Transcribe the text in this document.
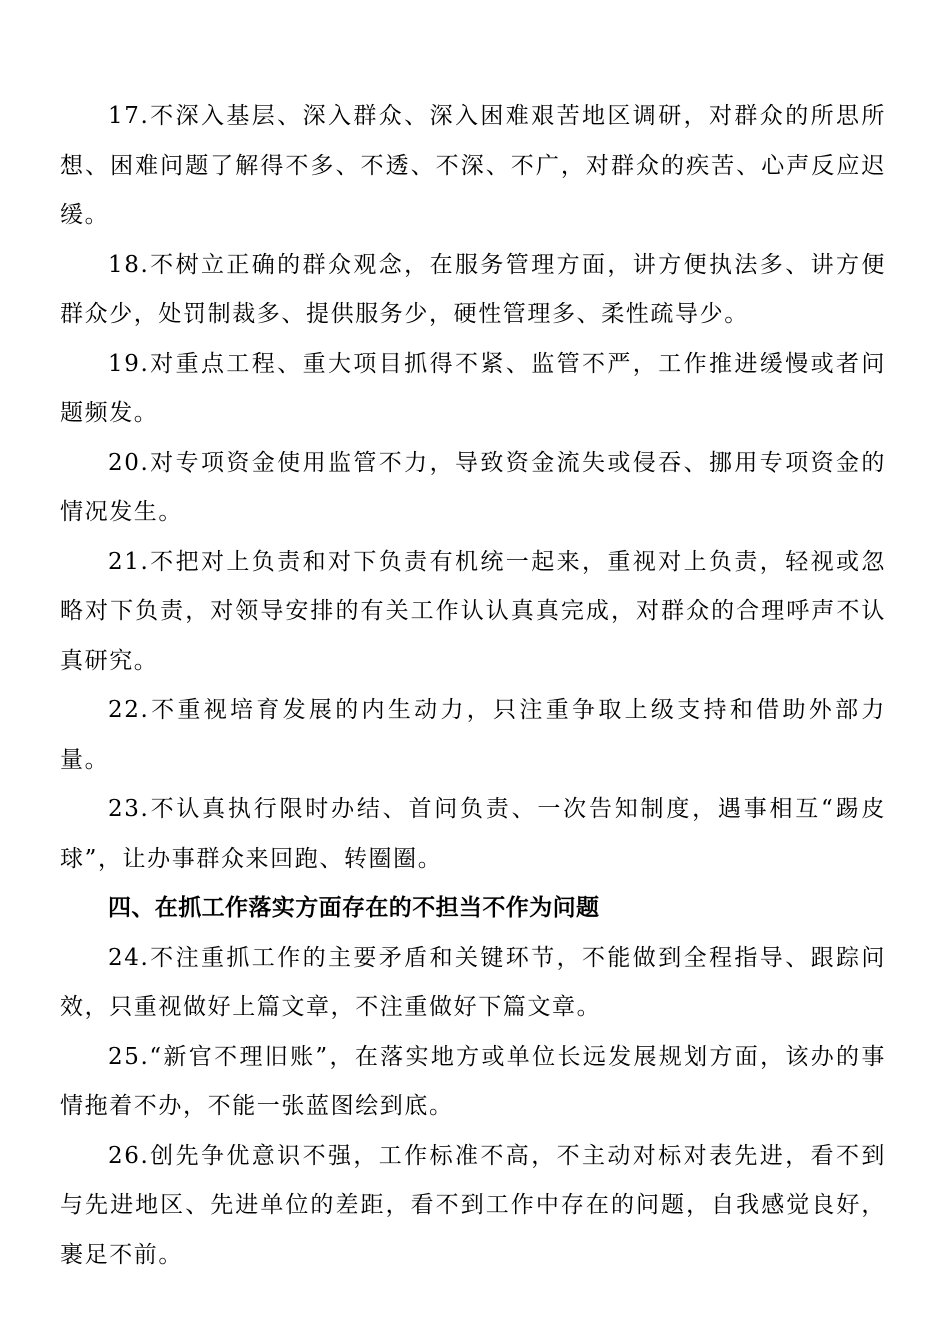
17.不深入基层、深入群众、深入困难艰苦地区调研，对群众的所思所想、困难问题了解得不多、不透、不深、不广，对群众的疾苦、心声反应迟缓。

18.不树立正确的群众观念，在服务管理方面，讲方便执法多、讲方便群众少，处罚制裁多、提供服务少，硬性管理多、柔性疏导少。

19.对重点工程、重大项目抓得不紧、监管不严，工作推进缓慢或者问题频发。

20.对专项资金使用监管不力，导致资金流失或侵吞、挪用专项资金的情况发生。

21.不把对上负责和对下负责有机统一起来，重视对上负责，轻视或忽略对下负责，对领导安排的有关工作认认真真完成，对群众的合理呼声不认真研究。

22.不重视培育发展的内生动力，只注重争取上级支持和借助外部力量。

23.不认真执行限时办结、首问负责、一次告知制度，遇事相互“踢皮球”，让办事群众来回跑、转圈圈。

四、在抓工作落实方面存在的不担当不作为问题

24.不注重抓工作的主要矛盾和关键环节，不能做到全程指导、跟踪问效，只重视做好上篇文章，不注重做好下篇文章。

25.“新官不理旧账”，在落实地方或单位长远发展规划方面，该办的事情拖着不办，不能一张蓝图绘到底。

26.创先争优意识不强，工作标准不高，不主动对标对表先进，看不到与先进地区、先进单位的差距，看不到工作中存在的问题，自我感觉良好，裹足不前。
